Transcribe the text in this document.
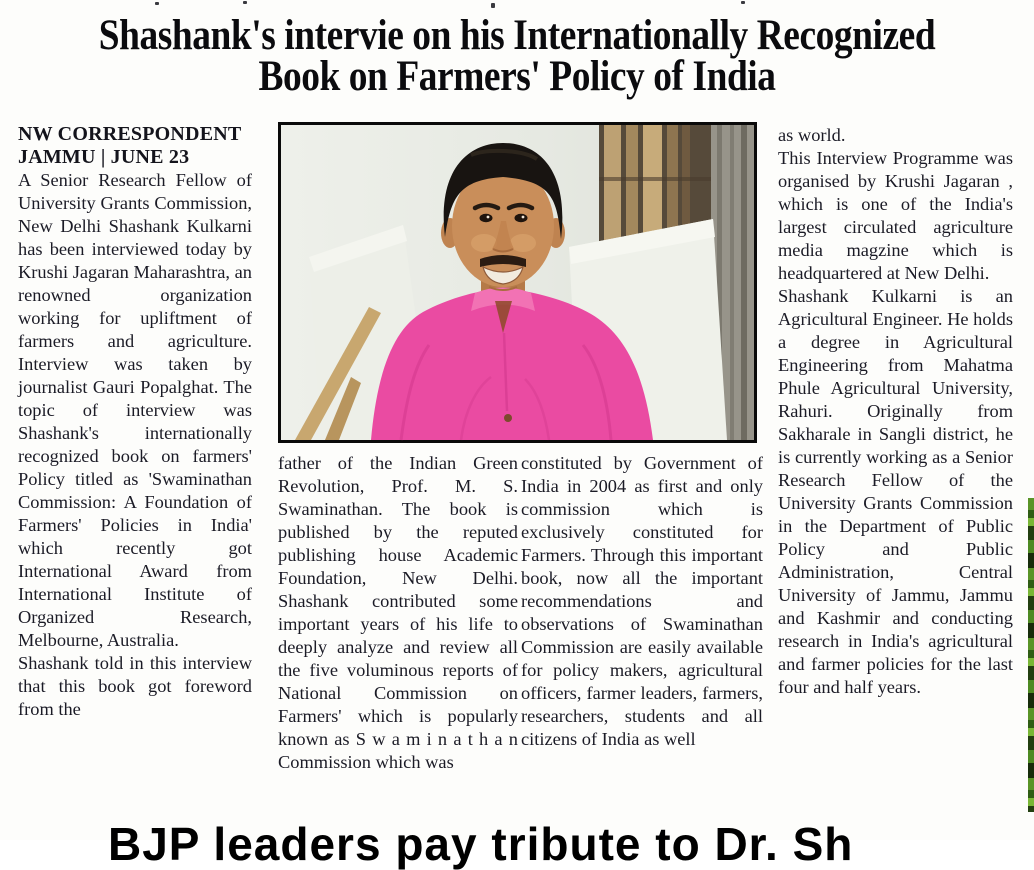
Shashank's intervie on his Internationally Recognized
Book on Farmers' Policy of India
NW CORRESPONDENT
JAMMU | JUNE 23

A Senior Research Fellow of University Grants Commission, New Delhi Shashank Kulkarni has been interviewed today by Krushi Jagaran Maharashtra, an renowned organization working for upliftment of farmers and agriculture. Interview was taken by journalist Gauri Popalghat. The topic of interview was Shashank's internationally recognized book on farmers' Policy titled as 'Swaminathan Commission: A Foundation of Farmers' Policies in India' which recently got International Award from International Institute of Organized Research, Melbourne, Australia.

Shashank told in this interview that this book got foreword from the

father of the Indian Green Revolution, Prof. M. S. Swaminathan. The book is published by the reputed publishing house Academic Foundation, New Delhi. Shashank contributed some important years of his life to deeply analyze and review all the five voluminous reports of National Commission on Farmers' which is popularly known as S w a m i n a t h a n Commission which was

constituted by Government of India in 2004 as first and only commission which is exclusively constituted for Farmers. Through this important book, now all the important recommendations and observations of Swaminathan Commission are easily available for policy makers, agricultural officers, farmer leaders, farmers, researchers, students and all citizens of India as well

as world.

This Interview Programme was organised by Krushi Jagaran , which is one of the India's largest circulated agriculture media magzine which is headquartered at New Delhi.

Shashank Kulkarni is an Agricultural Engineer. He holds a degree in Agricultural Engineering from Mahatma Phule Agricultural University, Rahuri. Originally from Sakharale in Sangli district, he is currently working as a Senior Research Fellow of the University Grants Commission in the Department of Public Policy and Public Administration, Central University of Jammu, Jammu and Kashmir and conducting research in India's agricultural and farmer policies for the last four and half years.

BJP leaders pay tribute to Dr. Sh
